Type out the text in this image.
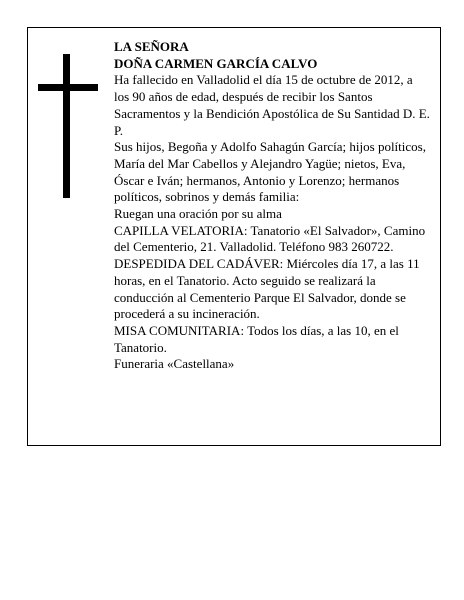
LA SEÑORA

DOÑA CARMEN GARCÍA CALVO

Ha fallecido en Valladolid el día 15 de octubre de 2012, a los 90 años de edad, después de recibir los Santos Sacramentos y la Bendición Apostólica de Su Santidad D. E. P.

Sus hijos, Begoña y Adolfo Sahagún García; hijos políticos, María del Mar Cabellos y Alejandro Yagüe; nietos, Eva, Óscar e Iván; hermanos, Antonio y Lorenzo; hermanos políticos, sobrinos y demás familia:

Ruegan una oración por su alma

CAPILLA VELATORIA: Tanatorio «El Salvador», Camino del Cementerio, 21. Valladolid. Teléfono 983 260722.

DESPEDIDA DEL CADÁVER: Miércoles día 17, a las 11 horas, en el Tanatorio. Acto seguido se realizará la conducción al Cementerio Parque El Salvador, donde se procederá a su incineración.

MISA COMUNITARIA: Todos los días, a las 10, en el Tanatorio.

Funeraria «Castellana»
